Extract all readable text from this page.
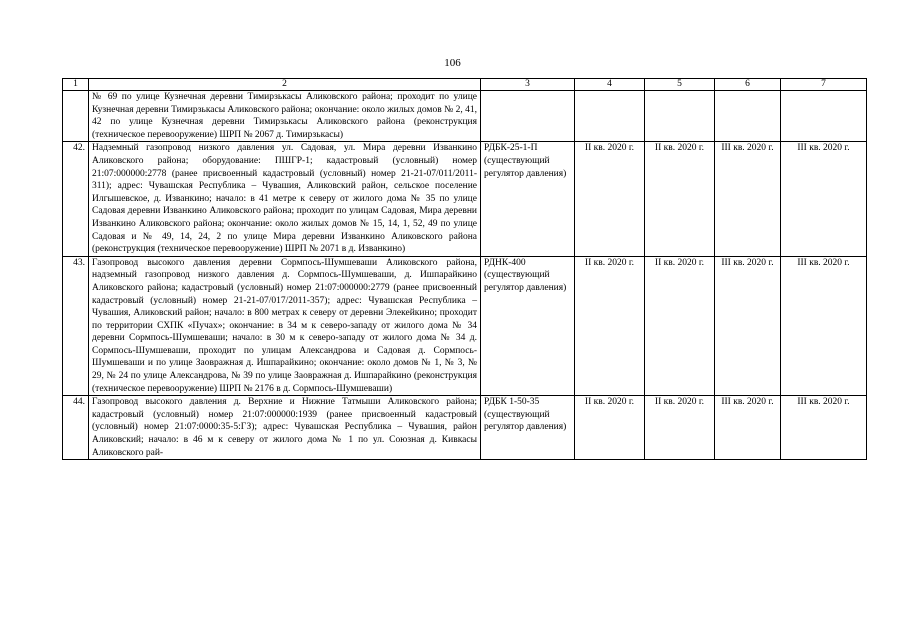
106
1	2	3	4	5	6	7
	№ 69 по улице Кузнечная деревни Тимирзькасы Аликовского района; проходит по улице Кузнечная деревни Тимирзькасы Аликовского района; окончание: около жилых домов № 2, 41, 42 по улице Кузнечная деревни Тимирзькасы Аликовского района (реконструкция (техническое перевооружение) ШРП № 2067 д. Тимирзькасы)					
42.	Надземный газопровод низкого давления ул. Садовая, ул. Мира деревни Изванкино Аликовского района; оборудование: ПШГР-1; кадастровый (условный) номер 21:07:000000:2778 (ранее присвоенный кадастровый (условный) номер 21-21-07/011/2011-311); адрес: Чувашская Республика – Чувашия, Аликовский район, сельское поселение Илгышевское, д. Изванкино; начало: в 41 метре к северу от жилого дома № 35 по улице Садовая деревни Изванкино Аликовского района; проходит по улицам Садовая, Мира деревни Изванкино Аликовского района; окончание: около жилых домов № 15, 14, 1, 52, 49 по улице Садовая и № 49, 14, 24, 2 по улице Мира деревни Изванкино Аликовского района (реконструкция (техническое перевооружение) ШРП № 2071 в д. Изванкино)	РДБК-25-1-П (существующий регулятор давления)	II кв. 2020 г.	II кв. 2020 г.	III кв. 2020 г.	III кв. 2020 г.
43.	Газопровод высокого давления деревни Сормпось-Шумшеваши Аликовского района, надземный газопровод низкого давления д. Сормпось-Шумшеваши, д. Ишпарайкино Аликовского района; кадастровый (условный) номер 21:07:000000:2779 (ранее присвоенный кадастровый (условный) номер 21-21-07/017/2011-357); адрес: Чувашская Республика – Чувашия, Аликовский район; начало: в 800 метрах к северу от деревни Элекейкино; проходит по территории СХПК «Пучах»; окончание: в 34 м к северо-западу от жилого дома № 34 деревни Сормпось-Шумшеваши; начало: в 30 м к северо-западу от жилого дома № 34 д. Сормпось-Шумшеваши, проходит по улицам Александрова и Садовая д. Сормпось-Шумшеваши и по улице Заовражная д. Ишпарайкино; окончание: около домов № 1, № 3, № 29, № 24 по улице Александрова, № 39 по улице Заовражная д. Ишпарайкино (реконструкция (техническое перевооружение) ШРП № 2176 в д. Сормпось-Шумшеваши)	РДНК-400 (существующий регулятор давления)	II кв. 2020 г.	II кв. 2020 г.	III кв. 2020 г.	III кв. 2020 г.
44.	Газопровод высокого давления д. Верхние и Нижние Татмыши Аликовского района; кадастровый (условный) номер 21:07:000000:1939 (ранее присвоенный кадастровый (условный) номер 21:07:0000:35-5:ГЗ); адрес: Чувашская Республика – Чувашия, район Аликовский; начало: в 46 м к северу от жилого дома № 1 по ул. Союзная д. Кивкасы Аликовского рай-	РДБК 1-50-35 (существующий регулятор давления)	II кв. 2020 г.	II кв. 2020 г.	III кв. 2020 г.	III кв. 2020 г.
